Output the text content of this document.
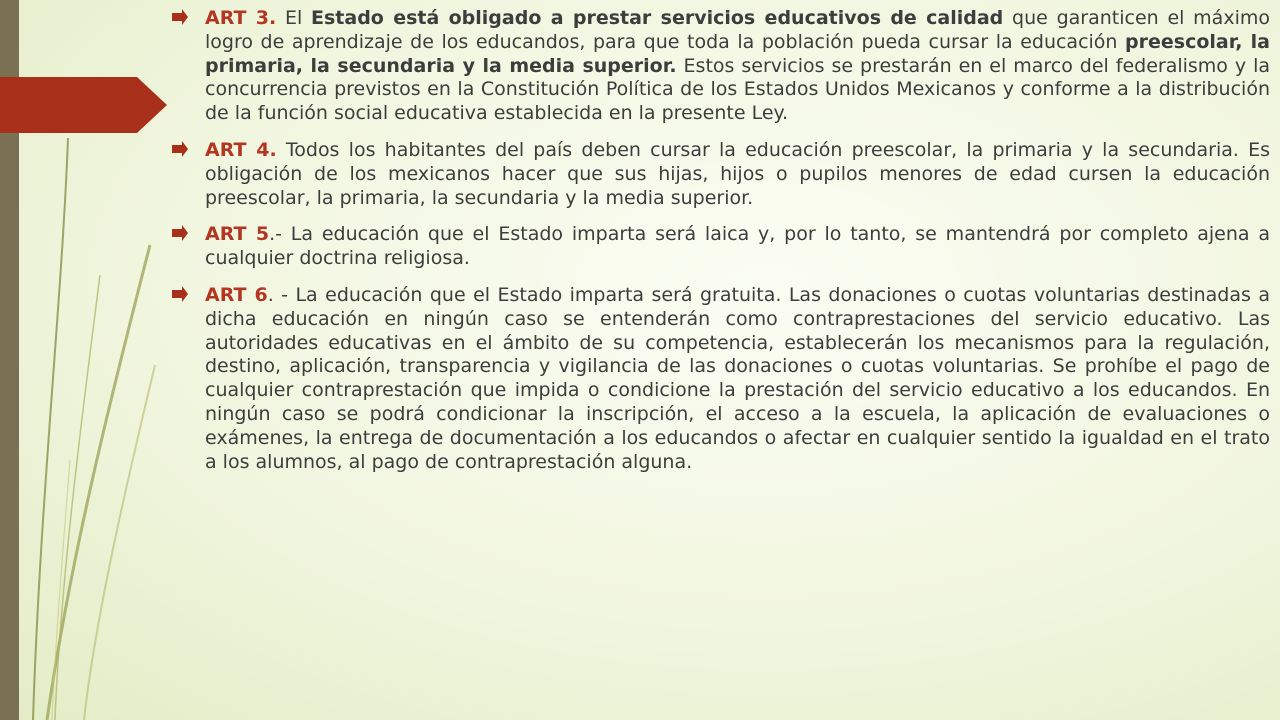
ART 3. El Estado está obligado a prestar servicios educativos de calidad que garanticen el máximo logro de aprendizaje de los educandos, para que toda la población pueda cursar la educación preescolar, la primaria, la secundaria y la media superior. Estos servicios se prestarán en el marco del federalismo y la concurrencia previstos en la Constitución Política de los Estados Unidos Mexicanos y conforme a la distribución de la función social educativa establecida en la presente Ley.
ART 4. Todos los habitantes del país deben cursar la educación preescolar, la primaria y la secundaria. Es obligación de los mexicanos hacer que sus hijas, hijos o pupilos menores de edad cursen la educación preescolar, la primaria, la secundaria y la media superior.
ART 5.- La educación que el Estado imparta será laica y, por lo tanto, se mantendrá por completo ajena a cualquier doctrina religiosa.
ART 6. - La educación que el Estado imparta será gratuita. Las donaciones o cuotas voluntarias destinadas a dicha educación en ningún caso se entenderán como contraprestaciones del servicio educativo. Las autoridades educativas en el ámbito de su competencia, establecerán los mecanismos para la regulación, destino, aplicación, transparencia y vigilancia de las donaciones o cuotas voluntarias. Se prohíbe el pago de cualquier contraprestación que impida o condicione la prestación del servicio educativo a los educandos. En ningún caso se podrá condicionar la inscripción, el acceso a la escuela, la aplicación de evaluaciones o exámenes, la entrega de documentación a los educandos o afectar en cualquier sentido la igualdad en el trato a los alumnos, al pago de contraprestación alguna.
